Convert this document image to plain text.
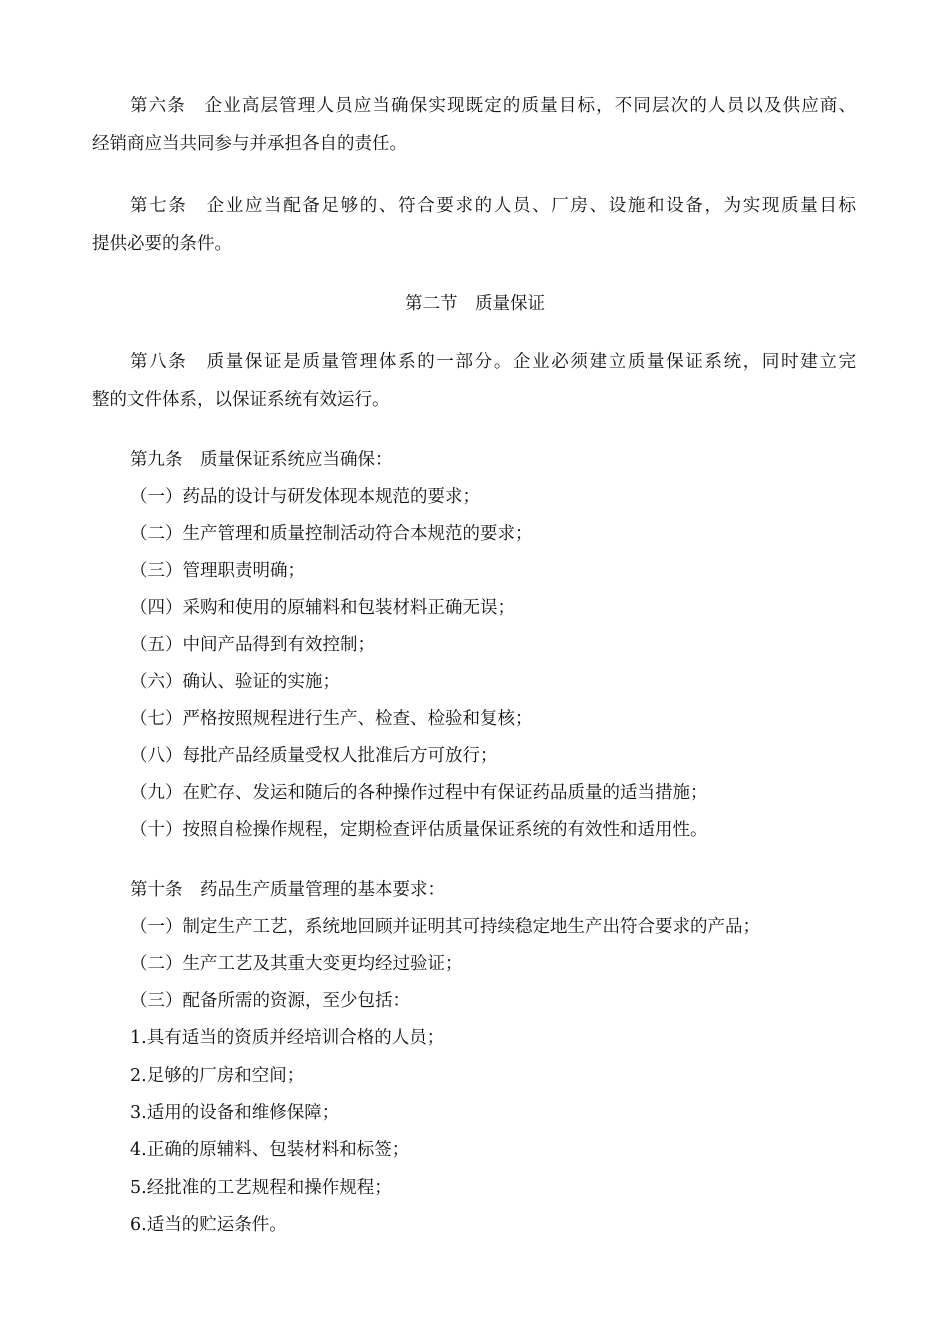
第六条　企业高层管理人员应当确保实现既定的质量目标，不同层次的人员以及供应商、
经销商应当共同参与并承担各自的责任。
第七条　企业应当配备足够的、符合要求的人员、厂房、设施和设备，为实现质量目标
提供必要的条件。
第二节　质量保证
第八条　质量保证是质量管理体系的一部分。企业必须建立质量保证系统，同时建立完
整的文件体系，以保证系统有效运行。
第九条　质量保证系统应当确保：
（一）药品的设计与研发体现本规范的要求；
（二）生产管理和质量控制活动符合本规范的要求；
（三）管理职责明确；
（四）采购和使用的原辅料和包装材料正确无误；
（五）中间产品得到有效控制；
（六）确认、验证的实施；
（七）严格按照规程进行生产、检查、检验和复核；
（八）每批产品经质量受权人批准后方可放行；
（九）在贮存、发运和随后的各种操作过程中有保证药品质量的适当措施；
（十）按照自检操作规程，定期检查评估质量保证系统的有效性和适用性。
第十条　药品生产质量管理的基本要求：
（一）制定生产工艺，系统地回顾并证明其可持续稳定地生产出符合要求的产品；
（二）生产工艺及其重大变更均经过验证；
（三）配备所需的资源，至少包括：
1.具有适当的资质并经培训合格的人员；
2.足够的厂房和空间；
3.适用的设备和维修保障；
4.正确的原辅料、包装材料和标签；
5.经批准的工艺规程和操作规程；
6.适当的贮运条件。
